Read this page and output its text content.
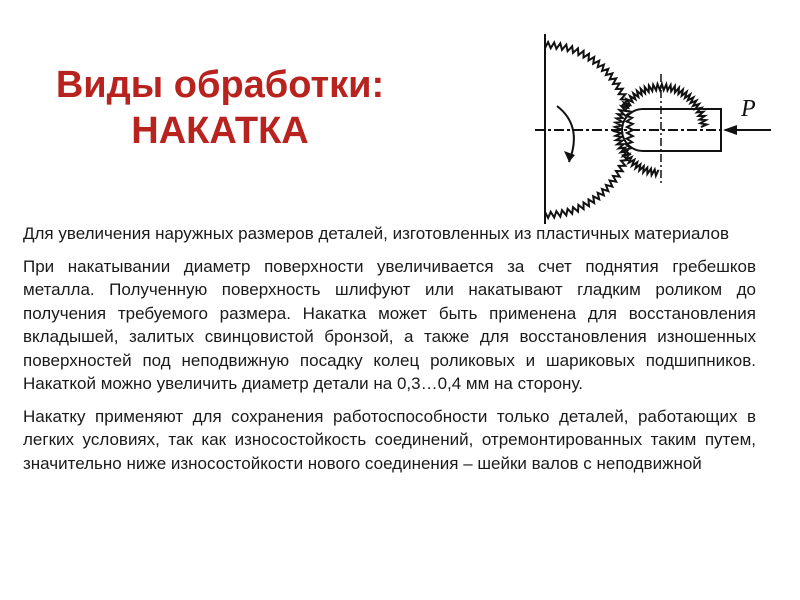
Виды обработки:
НАКАТКА
P

Для увеличения наружных размеров деталей, изготовленных из пластичных материалов

При накатывании диаметр поверхности увеличивается за счет поднятия гребешков металла. Полученную поверхность шлифуют или накатывают гладким роликом до получения требуемого размера. Накатка может быть применена для восстановления вкладышей, залитых свинцовистой бронзой, а также для восстановления изношенных поверхностей под неподвижную посадку колец роликовых и шариковых подшипников. Накаткой можно увеличить диаметр детали на 0,3…0,4 мм на сторону.

Накатку применяют для сохранения работоспособности только деталей, работающих в легких условиях, так как износостойкость соединений, отремонтированных таким путем, значительно ниже износостойкости нового соединения – шейки валов с неподвижной
